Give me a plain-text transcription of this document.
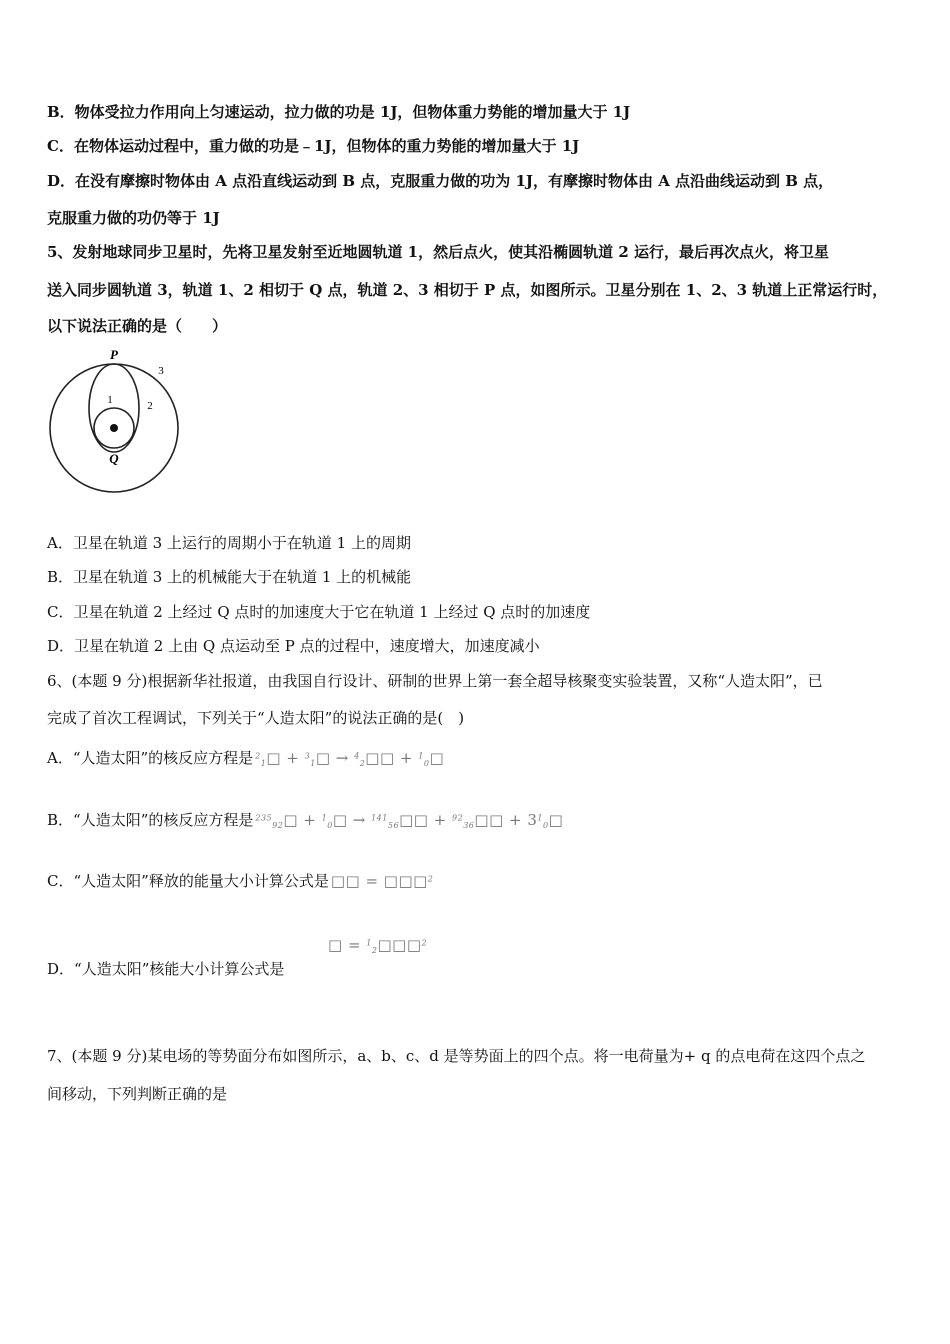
B．物体受拉力作用向上匀速运动，拉力做的功是 1J，但物体重力势能的增加量大于 1J
C．在物体运动过程中，重力做的功是﹣1J，但物体的重力势能的增加量大于 1J
D．在没有摩擦时物体由 A 点沿直线运动到 B 点，克服重力做的功为 1J，有摩擦时物体由 A 点沿曲线运动到 B 点，
克服重力做的功仍等于 1J
5、发射地球同步卫星时，先将卫星发射至近地圆轨道 1，然后点火，使其沿椭圆轨道 2 运行，最后再次点火，将卫星
送入同步圆轨道 3，轨道 1、2 相切于 Q 点，轨道 2、3 相切于 P 点，如图所示。卫星分别在 1、2、3 轨道上正常运行时，
以下说法正确的是（　　）
P
Q
1	2
3
A．卫星在轨道 3 上运行的周期小于在轨道 1 上的周期
B．卫星在轨道 3 上的机械能大于在轨道 1 上的机械能
C．卫星在轨道 2 上经过 Q 点时的加速度大于它在轨道 1 上经过 Q 点时的加速度
D．卫星在轨道 2 上由 Q 点运动至 P 点的过程中，速度增大，加速度减小
6、(本题 9 分)根据新华社报道，由我国自行设计、研制的世界上第一套全超导核聚变实验装置，又称“人造太阳”，已
完成了首次工程调试，下列关于“人造太阳”的说法正确的是(　)
A．“人造太阳”的核反应方程是 $^2_1$□ + $^3_1$□ → $^4_2$□□ + $^1_0$□
B．“人造太阳”的核反应方程是 $^{235}_{92}$□ + $^1_0$□ → $^{141}_{56}$□□ + $^{92}_{36}$□□ + $3^1_0□$
C．“人造太阳”释放的能量大小计算公式是 □□ = □□□$^2$
□ = $^1_2$□□□$^2$
D．“人造太阳”核能大小计算公式是
7、(本题 9 分)某电场的等势面分布如图所示，a、b、c、d 是等势面上的四个点。将一电荷量为+ q 的点电荷在这四个点之
间移动，下列判断正确的是
